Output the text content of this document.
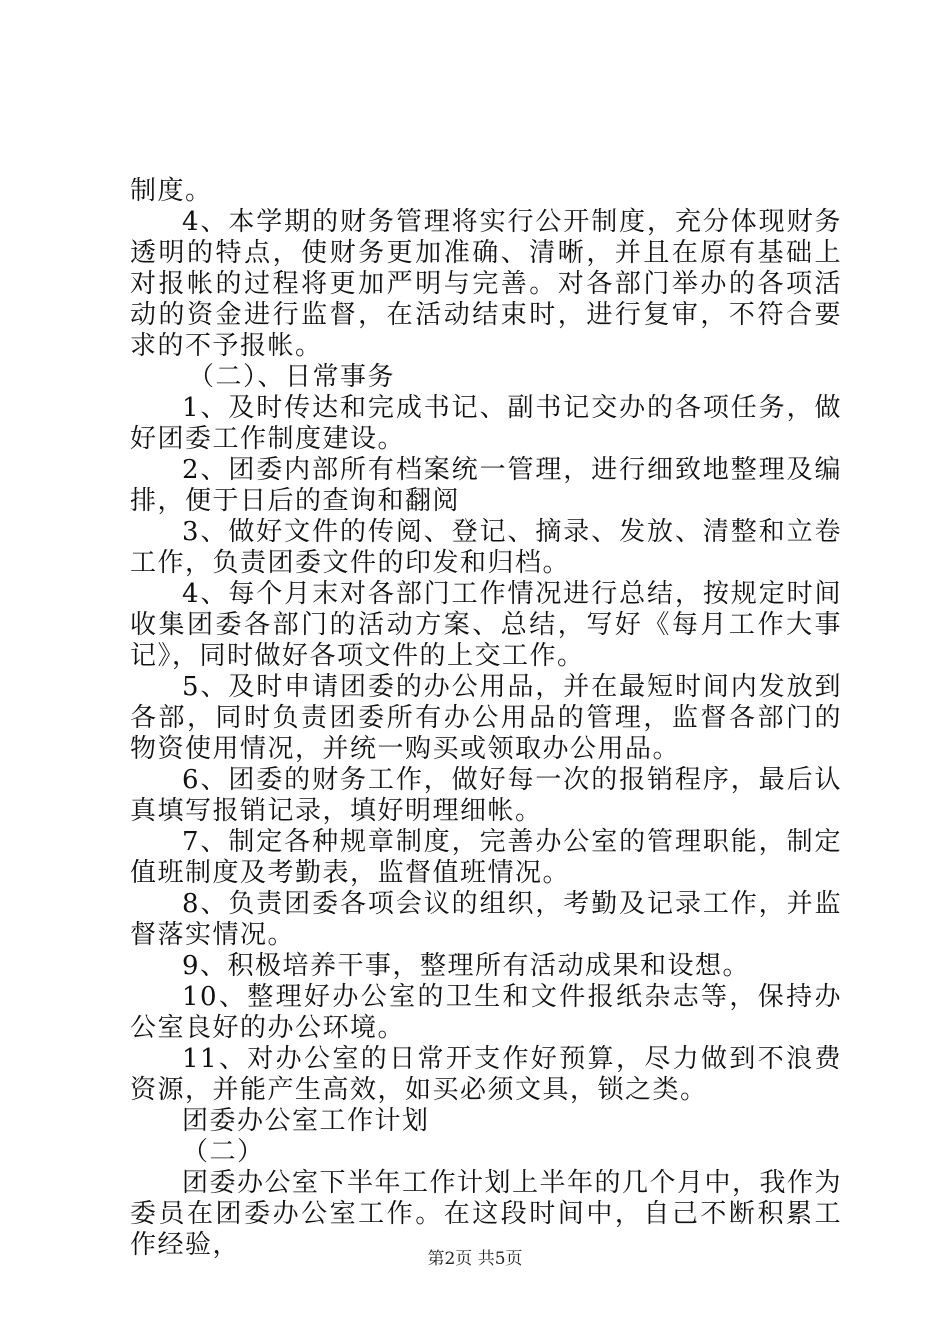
制度。

4、本学期的财务管理将实行公开制度，充分体现财务透明的特点，使财务更加准确、清晰，并且在原有基础上对报帐的过程将更加严明与完善。对各部门举办的各项活动的资金进行监督，在活动结束时，进行复审，不符合要求的不予报帐。

（二）、日常事务

1、及时传达和完成书记、副书记交办的各项任务，做好团委工作制度建设。

2、团委内部所有档案统一管理，进行细致地整理及编排，便于日后的查询和翻阅

3、做好文件的传阅、登记、摘录、发放、清整和立卷工作，负责团委文件的印发和归档。

4、每个月末对各部门工作情况进行总结，按规定时间收集团委各部门的活动方案、总结，写好《每月工作大事记》，同时做好各项文件的上交工作。

5、及时申请团委的办公用品，并在最短时间内发放到各部，同时负责团委所有办公用品的管理，监督各部门的物资使用情况，并统一购买或领取办公用品。

6、团委的财务工作，做好每一次的报销程序，最后认真填写报销记录，填好明理细帐。

7、制定各种规章制度，完善办公室的管理职能，制定值班制度及考勤表，监督值班情况。

8、负责团委各项会议的组织，考勤及记录工作，并监督落实情况。

9、积极培养干事，整理所有活动成果和设想。

10、整理好办公室的卫生和文件报纸杂志等，保持办公室良好的办公环境。

11、对办公室的日常开支作好预算，尽力做到不浪费资源，并能产生高效，如买必须文具，锁之类。

团委办公室工作计划

（二）

团委办公室下半年工作计划上半年的几个月中，我作为委员在团委办公室工作。在这段时间中，自己不断积累工作经验，	第2页 共5页
